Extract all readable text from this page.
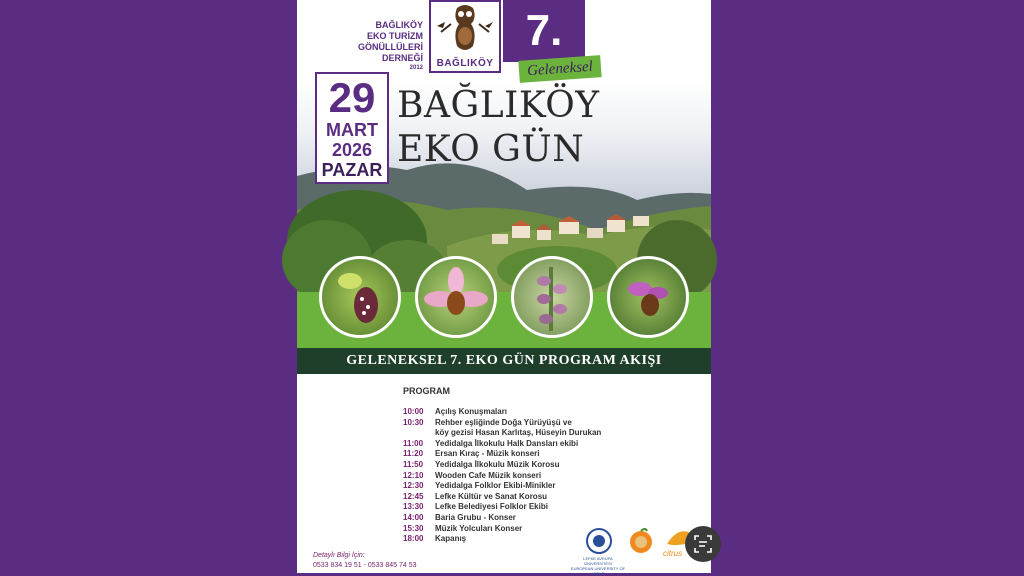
BAĞLIKÖY
EKO TURİZM
GÖNÜLLÜLERİ
DERNEĞİ
2012	BAĞLIKÖY
7.
Geleneksel
29
MART
2026
PAZAR
BAĞLIKÖY
EKO GÜN
GELENEKSEL 7. EKO GÜN PROGRAM AKIŞI
PROGRAM
10:00	Açılış Konuşmaları
10:30	Rehber eşliğinde Doğa Yürüyüşü ve
köy gezisi Hasan Karlıtaş, Hüseyin Durukan
11:00	Yedidalga İlkokulu Halk Dansları ekibi
11:20	Ersan Kıraç - Müzik konseri
11:50	Yedidalga İlkokulu Müzik Korosu
12:10	Wooden Cafe Müzik konseri
12:30	Yedidalga Folklor Ekibi-Minikler
12:45	Lefke Kültür ve Sanat Korosu
13:30	Lefke Belediyesi Folklor Ekibi
14:00	Baria Grubu - Konser
15:30	Müzik Yolcuları Konser
18:00	Kapanış
Detaylı Bilgi İçin:
0533 834 19 51 - 0533 845 74 53
LEFKE AVRUPA ÜNİVERSİTESİ
EUROPEAN UNIVERSITY OF LEFKE
citrus
